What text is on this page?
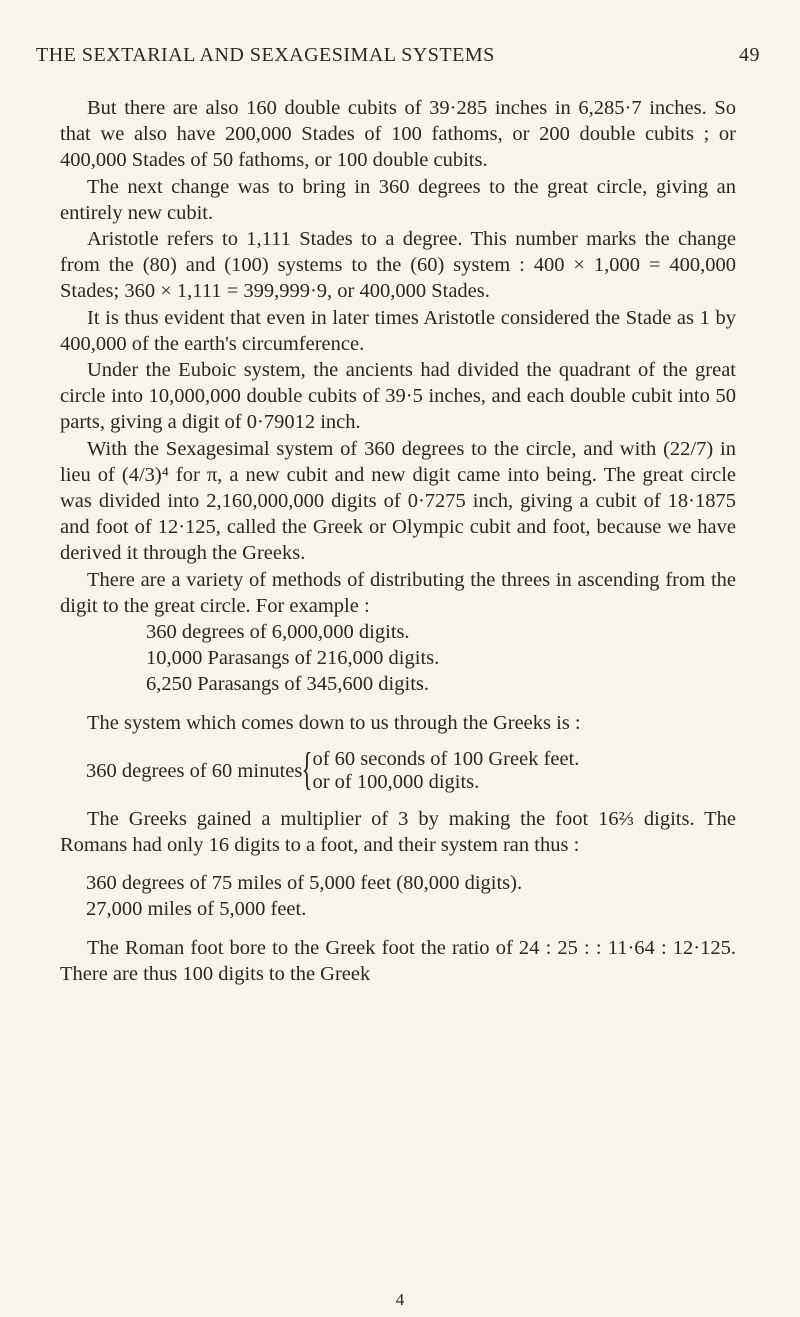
THE SEXTARIAL AND SEXAGESIMAL SYSTEMS	49

But there are also 160 double cubits of 39·285 inches in 6,285·7 inches. So that we also have 200,000 Stades of 100 fathoms, or 200 double cubits ; or 400,000 Stades of 50 fathoms, or 100 double cubits.

The next change was to bring in 360 degrees to the great circle, giving an entirely new cubit.

Aristotle refers to 1,111 Stades to a degree. This number marks the change from the (80) and (100) systems to the (60) system : 400 × 1,000 = 400,000 Stades; 360 × 1,111 = 399,999·9, or 400,000 Stades.

It is thus evident that even in later times Aristotle considered the Stade as 1 by 400,000 of the earth's circumference.

Under the Euboic system, the ancients had divided the quadrant of the great circle into 10,000,000 double cubits of 39·5 inches, and each double cubit into 50 parts, giving a digit of 0·79012 inch.

With the Sexagesimal system of 360 degrees to the circle, and with (22/7) in lieu of (4/3)⁴ for π, a new cubit and new digit came into being. The great circle was divided into 2,160,000,000 digits of 0·7275 inch, giving a cubit of 18·1875 and foot of 12·125, called the Greek or Olympic cubit and foot, because we have derived it through the Greeks.

There are a variety of methods of distributing the threes in ascending from the digit to the great circle. For example :

360 degrees of 6,000,000 digits.
10,000 Parasangs of 216,000 digits.
6,250 Parasangs of 345,600 digits.

The system which comes down to us through the Greeks is :

360 degrees of 60 minutes { of 60 seconds of 100 Greek feet.
or of 100,000 digits.

The Greeks gained a multiplier of 3 by making the foot 16⅔ digits. The Romans had only 16 digits to a foot, and their system ran thus :

360 degrees of 75 miles of 5,000 feet (80,000 digits).
27,000 miles of 5,000 feet.

The Roman foot bore to the Greek foot the ratio of 24 : 25 : : 11·64 : 12·125. There are thus 100 digits to the Greek

4
